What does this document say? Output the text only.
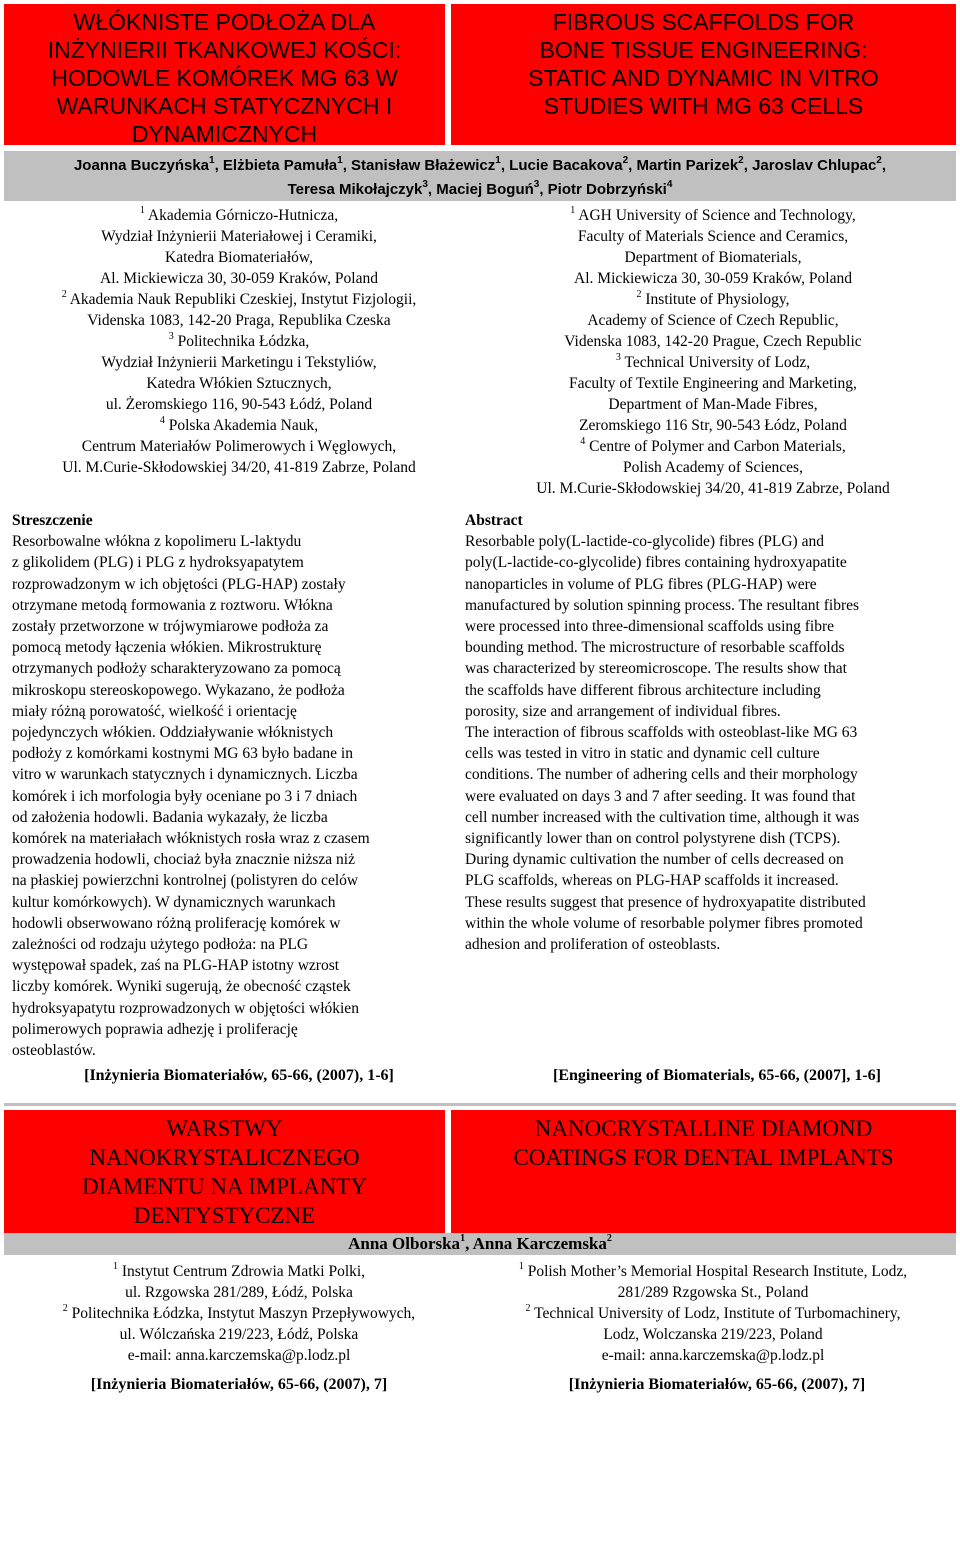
WŁÓKNISTE PODŁOŻA DLA
INŻYNIERII TKANKOWEJ KOŚCI:
HODOWLE KOMÓREK MG 63 W
WARUNKACH STATYCZNYCH I
DYNAMICZNYCH
FIBROUS SCAFFOLDS FOR
BONE TISSUE ENGINEERING:
STATIC AND DYNAMIC IN VITRO
STUDIES WITH MG 63 CELLS
Joanna Buczyńska$^1$, Elżbieta Pamuła$^1$, Stanisław Błażewicz$^1$, Lucie Bacakova$^2$, Martin Parizek$^2$, Jaroslav Chlupac$^2$,
Teresa Mikołajczyk$^3$, Maciej Boguń$^3$, Piotr Dobrzyński$^4$
$^1$ Akademia Górniczo-Hutnicza,
Wydział Inżynierii Materiałowej i Ceramiki,
Katedra Biomateriałów,
Al. Mickiewicza 30, 30-059 Kraków, Poland
$^2$ Akademia Nauk Republiki Czeskiej, Instytut Fizjologii,
Videnska 1083, 142-20 Praga, Republika Czeska
$^3$ Politechnika Łódzka,
Wydział Inżynierii Marketingu i Tekstyliów,
Katedra Włókien Sztucznych,
ul. Żeromskiego 116, 90-543 Łódź, Poland
$^4$ Polska Akademia Nauk,
Centrum Materiałów Polimerowych i Węglowych,
Ul. M.Curie-Skłodowskiej 34/20, 41-819 Zabrze, Poland
$^1$ AGH University of Science and Technology,
Faculty of Materials Science and Ceramics,
Department of Biomaterials,
Al. Mickiewicza 30, 30-059 Kraków, Poland
$^2$ Institute of Physiology,
Academy of Science of Czech Republic,
Videnska 1083, 142-20 Prague, Czech Republic
$^3$ Technical University of Lodz,
Faculty of Textile Engineering and Marketing,
Department of Man-Made Fibres,
Zeromskiego 116 Str, 90-543 Łódz, Poland
$^4$ Centre of Polymer and Carbon Materials,
Polish Academy of Sciences,
Ul. M.Curie-Skłodowskiej 34/20, 41-819 Zabrze, Poland
Streszczenie
Resorbowalne włókna z kopolimeru L-laktydu
z glikolidem (PLG) i PLG z hydroksyapatytem
rozprowadzonym w ich objętości (PLG-HAP) zostały
otrzymane metodą formowania z roztworu. Włókna
zostały przetworzone w trójwymiarowe podłoża za
pomocą metody łączenia włókien. Mikrostrukturę
otrzymanych podłoży scharakteryzowano za pomocą
mikroskopu stereoskopowego. Wykazano, że podłoża
miały różną porowatość, wielkość i orientację
pojedynczych włókien. Oddziaływanie włóknistych
podłoży z komórkami kostnymi MG 63 było badane in
vitro w warunkach statycznych i dynamicznych. Liczba
komórek i ich morfologia były oceniane po 3 i 7 dniach
od założenia hodowli. Badania wykazały, że liczba
komórek na materiałach włóknistych rosła wraz z czasem
prowadzenia hodowli, chociaż była znacznie niższa niż
na płaskiej powierzchni kontrolnej (polistyren do celów
kultur komórkowych). W dynamicznych warunkach
hodowli obserwowano różną proliferację komórek w
zależności od rodzaju użytego podłoża: na PLG
występował spadek, zaś na PLG-HAP istotny wzrost
liczby komórek. Wyniki sugerują, że obecność cząstek
hydroksyapatytu rozprowadzonych w objętości włókien
polimerowych poprawia adhezję i proliferację
osteoblastów.
Abstract
Resorbable poly(L-lactide-co-glycolide) fibres (PLG) and
poly(L-lactide-co-glycolide) fibres containing hydroxyapatite
nanoparticles in volume of PLG fibres (PLG-HAP) were
manufactured by solution spinning process. The resultant fibres
were processed into three-dimensional scaffolds using fibre
bounding method. The microstructure of resorbable scaffolds
was characterized by stereomicroscope. The results show that
the scaffolds have different fibrous architecture including
porosity, size and arrangement of individual fibres.
The interaction of fibrous scaffolds with osteoblast-like MG 63
cells was tested in vitro in static and dynamic cell culture
conditions. The number of adhering cells and their morphology
were evaluated on days 3 and 7 after seeding. It was found that
cell number increased with the cultivation time, although it was
significantly lower than on control polystyrene dish (TCPS).
During dynamic cultivation the number of cells decreased on
PLG scaffolds, whereas on PLG-HAP scaffolds it increased.
These results suggest that presence of hydroxyapatite distributed
within the whole volume of resorbable polymer fibres promoted
adhesion and proliferation of osteoblasts.
[Inżynieria Biomateriałów, 65-66, (2007), 1-6]	[Engineering of Biomaterials, 65-66, (2007], 1-6]
WARSTWY
NANOKRYSTALICZNEGO
DIAMENTU NA IMPLANTY
DENTYSTYCZNE
NANOCRYSTALLINE DIAMOND
COATINGS FOR DENTAL IMPLANTS
Anna Olborska$^1$, Anna Karczemska$^2$
$^1$ Instytut Centrum Zdrowia Matki Polki,
ul. Rzgowska 281/289, Łódź, Polska
$^2$ Politechnika Łódzka, Instytut Maszyn Przepływowych,
ul. Wólczańska 219/223, Łódź, Polska
e-mail: anna.karczemska@p.lodz.pl
$^1$ Polish Mother’s Memorial Hospital Research Institute, Lodz,
281/289 Rzgowska St., Poland
$^2$ Technical University of Lodz, Institute of Turbomachinery,
Lodz, Wolczanska 219/223, Poland
e-mail: anna.karczemska@p.lodz.pl
[Inżynieria Biomateriałów, 65-66, (2007), 7]	[Inżynieria Biomateriałów, 65-66, (2007), 7]
